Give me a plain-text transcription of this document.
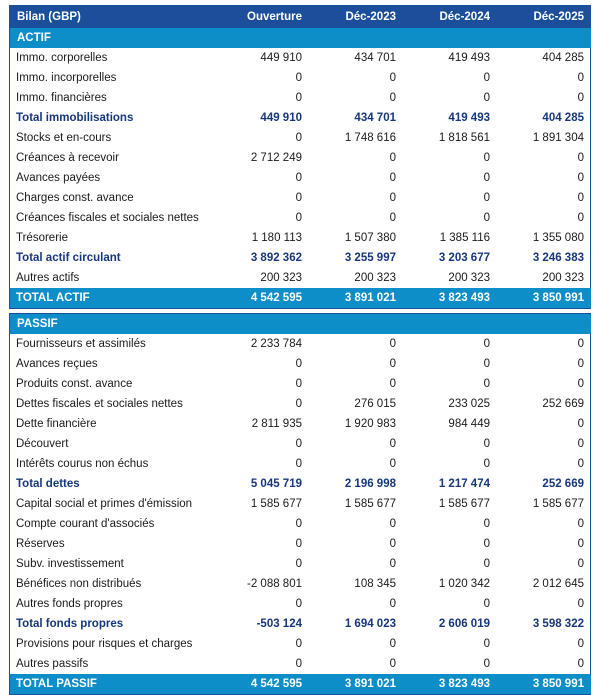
Bilan (GBP)	Ouverture	Déc-2023	Déc-2024	Déc-2025
ACTIF				
Immo. corporelles	449 910	434 701	419 493	404 285
Immo. incorporelles	0	0	0	0
Immo. financières	0	0	0	0
Total immobilisations	449 910	434 701	419 493	404 285
Stocks et en-cours	0	1 748 616	1 818 561	1 891 304
Créances à recevoir	2 712 249	0	0	0
Avances payées	0	0	0	0
Charges const. avance	0	0	0	0
Créances fiscales et sociales nettes	0	0	0	0
Trésorerie	1 180 113	1 507 380	1 385 116	1 355 080
Total actif circulant	3 892 362	3 255 997	3 203 677	3 246 383
Autres actifs	200 323	200 323	200 323	200 323
TOTAL ACTIF	4 542 595	3 891 021	3 823 493	3 850 991
PASSIF				
Fournisseurs et assimilés	2 233 784	0	0	0
Avances reçues	0	0	0	0
Produits const. avance	0	0	0	0
Dettes fiscales et sociales nettes	0	276 015	233 025	252 669
Dette financière	2 811 935	1 920 983	984 449	0
Découvert	0	0	0	0
Intérêts courus non échus	0	0	0	0
Total dettes	5 045 719	2 196 998	1 217 474	252 669
Capital social et primes d'émission	1 585 677	1 585 677	1 585 677	1 585 677
Compte courant d'associés	0	0	0	0
Réserves	0	0	0	0
Subv. investissement	0	0	0	0
Bénéfices non distribués	-2 088 801	108 345	1 020 342	2 012 645
Autres fonds propres	0	0	0	0
Total fonds propres	-503 124	1 694 023	2 606 019	3 598 322
Provisions pour risques et charges	0	0	0	0
Autres passifs	0	0	0	0
TOTAL PASSIF	4 542 595	3 891 021	3 823 493	3 850 991
